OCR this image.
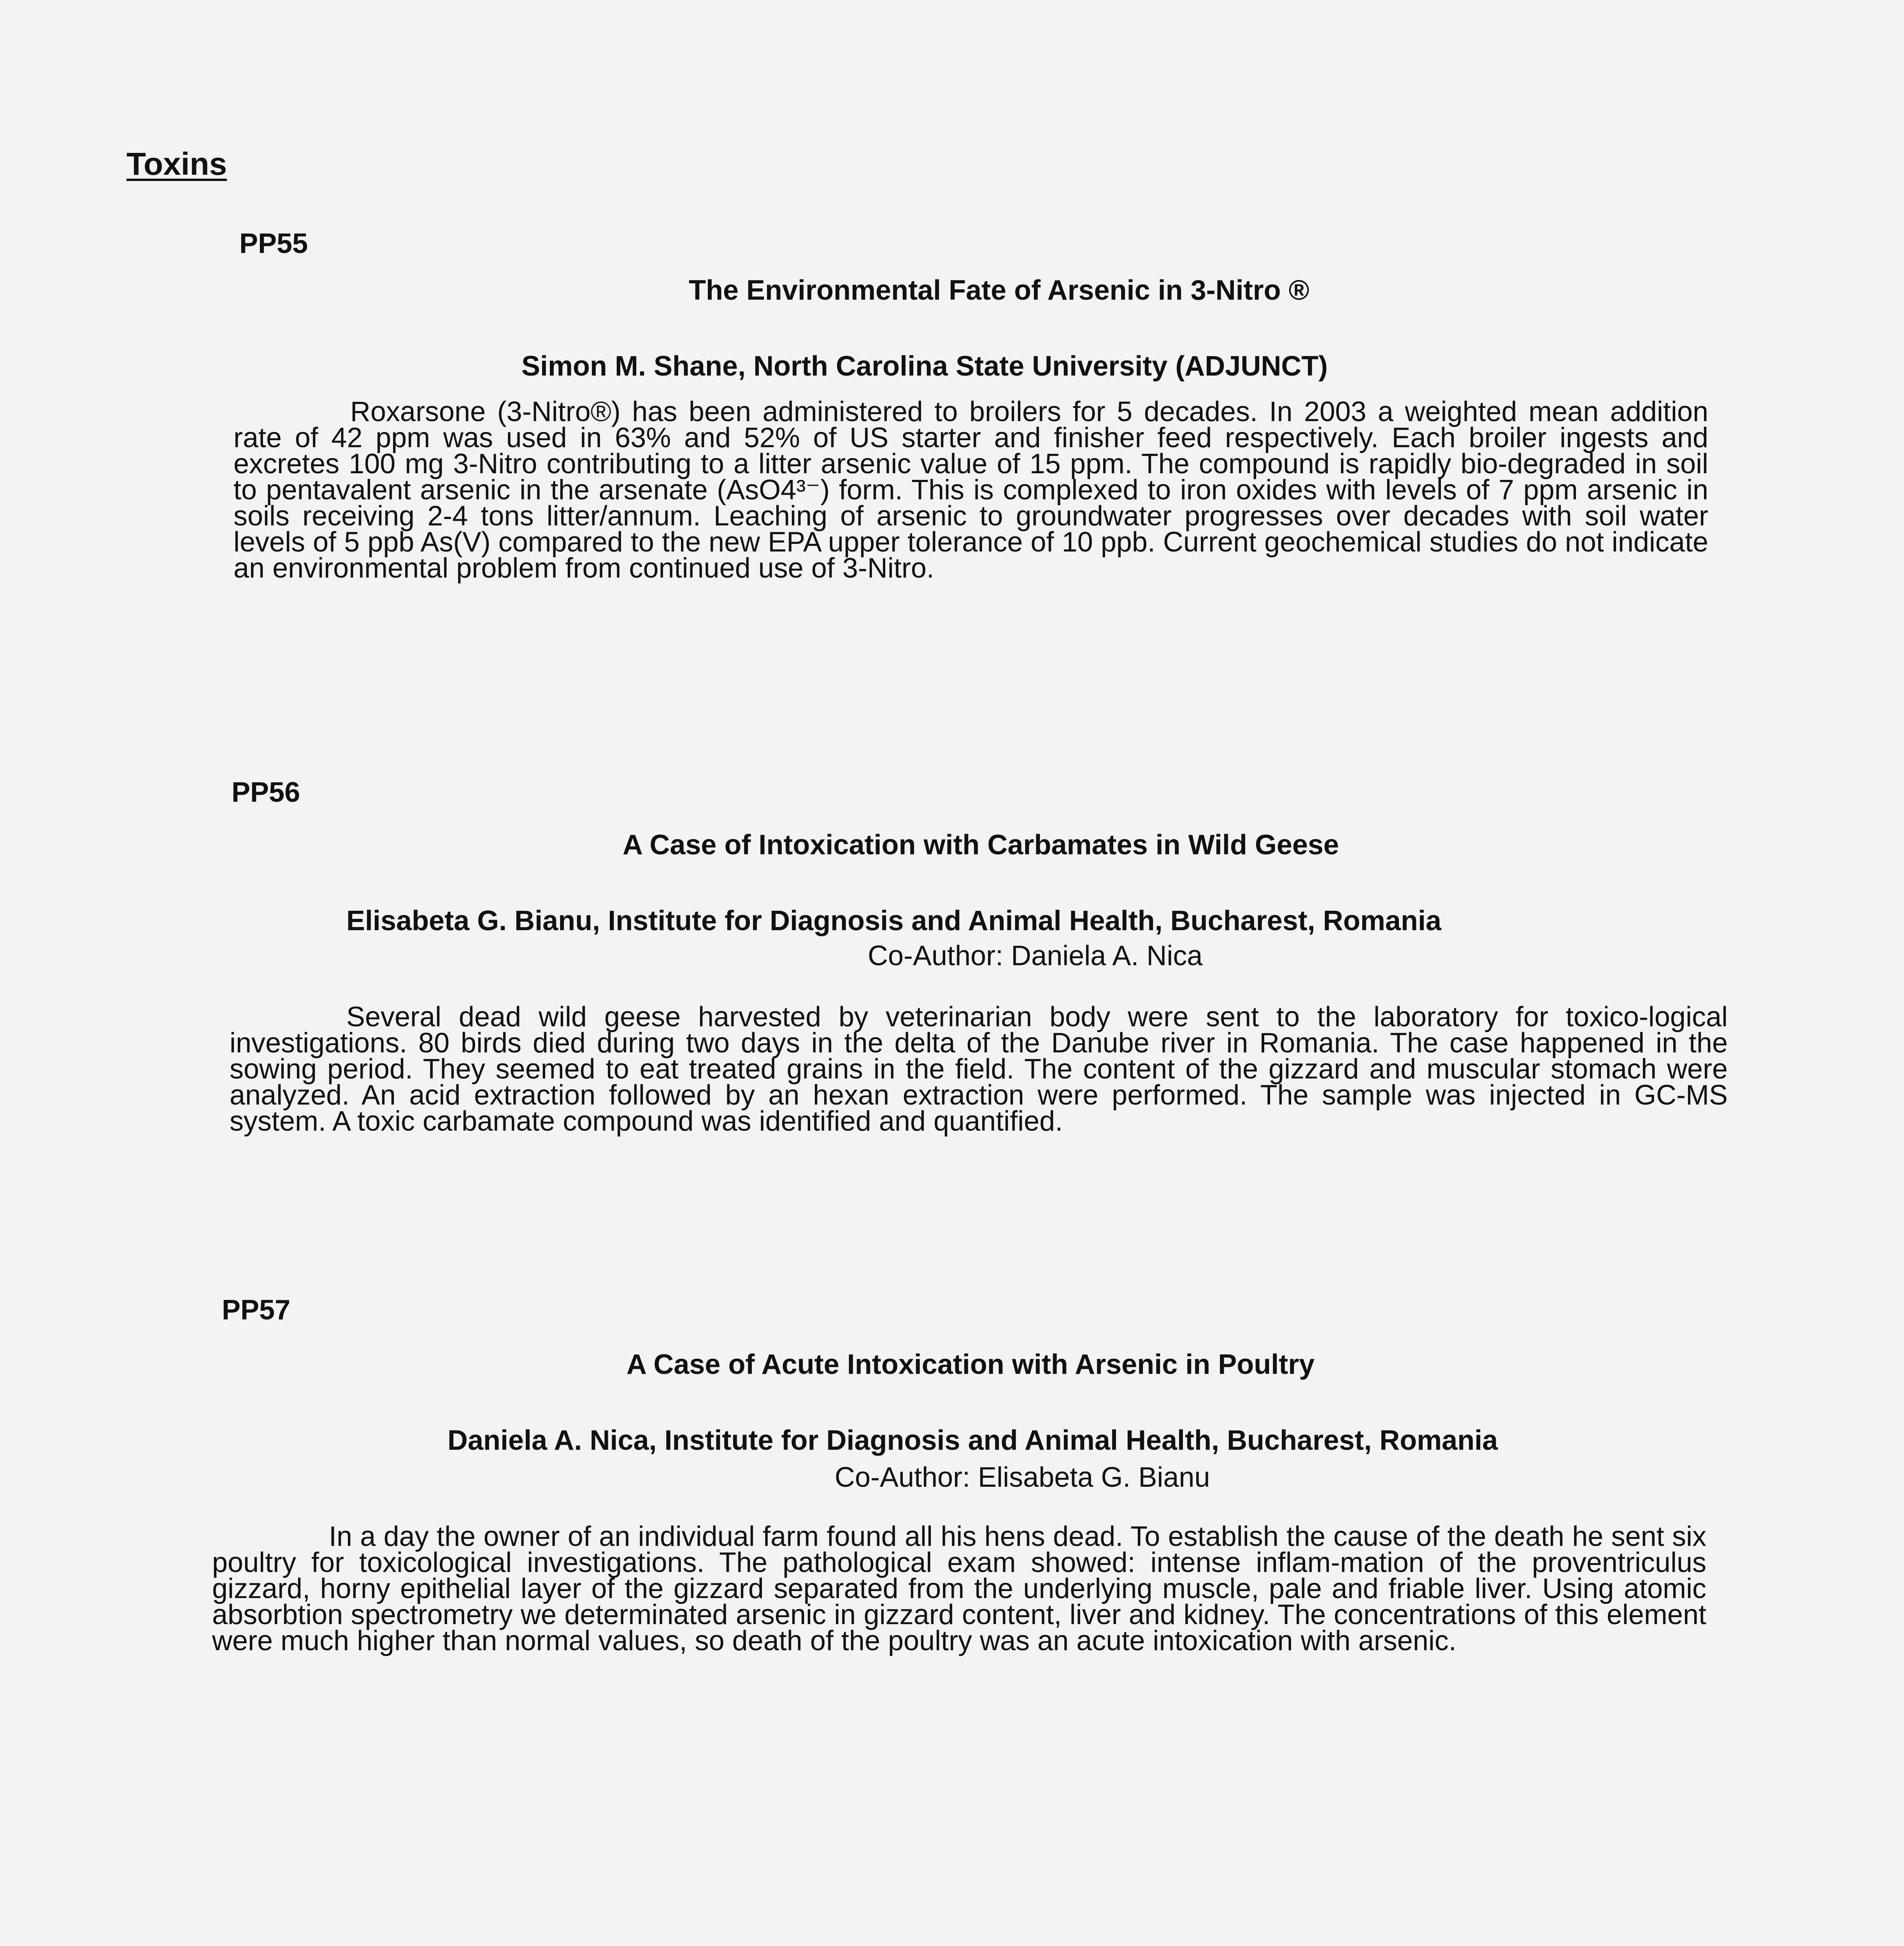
Toxins
PP55
The Environmental Fate of Arsenic in 3-Nitro ®
Simon M. Shane, North Carolina State University (ADJUNCT)
Roxarsone (3-Nitro®) has been administered to broilers for 5 decades. In 2003 a weighted mean addition rate of 42 ppm was used in 63% and 52% of US starter and finisher feed respectively. Each broiler ingests and excretes 100 mg 3-Nitro contributing to a litter arsenic value of 15 ppm. The compound is rapidly bio-degraded in soil to pentavalent arsenic in the arsenate (AsO4³⁻) form. This is complexed to iron oxides with levels of 7 ppm arsenic in soils receiving 2-4 tons litter/annum. Leaching of arsenic to groundwater progresses over decades with soil water levels of 5 ppb As(V) compared to the new EPA upper tolerance of 10 ppb. Current geochemical studies do not indicate an environmental problem from continued use of 3-Nitro.
PP56
A Case of Intoxication with Carbamates in Wild Geese
Elisabeta G. Bianu, Institute for Diagnosis and Animal Health, Bucharest, Romania
Co-Author: Daniela A. Nica
Several dead wild geese harvested by veterinarian body were sent to the laboratory for toxico-logical investigations. 80 birds died during two days in the delta of the Danube river in Romania. The case happened in the sowing period. They seemed to eat treated grains in the field. The content of the gizzard and muscular stomach were analyzed. An acid extraction followed by an hexan extraction were performed. The sample was injected in GC-MS system. A toxic carbamate compound was identified and quantified.
PP57
A Case of Acute Intoxication with Arsenic in Poultry
Daniela A. Nica, Institute for Diagnosis and Animal Health, Bucharest, Romania
Co-Author: Elisabeta G. Bianu
In a day the owner of an individual farm found all his hens dead. To establish the cause of the death he sent six poultry for toxicological investigations. The pathological exam showed: intense inflam-mation of the proventriculus gizzard, horny epithelial layer of the gizzard separated from the underlying muscle, pale and friable liver. Using atomic absorbtion spectrometry we determinated arsenic in gizzard content, liver and kidney. The concentrations of this element were much higher than normal values, so death of the poultry was an acute intoxication with arsenic.
